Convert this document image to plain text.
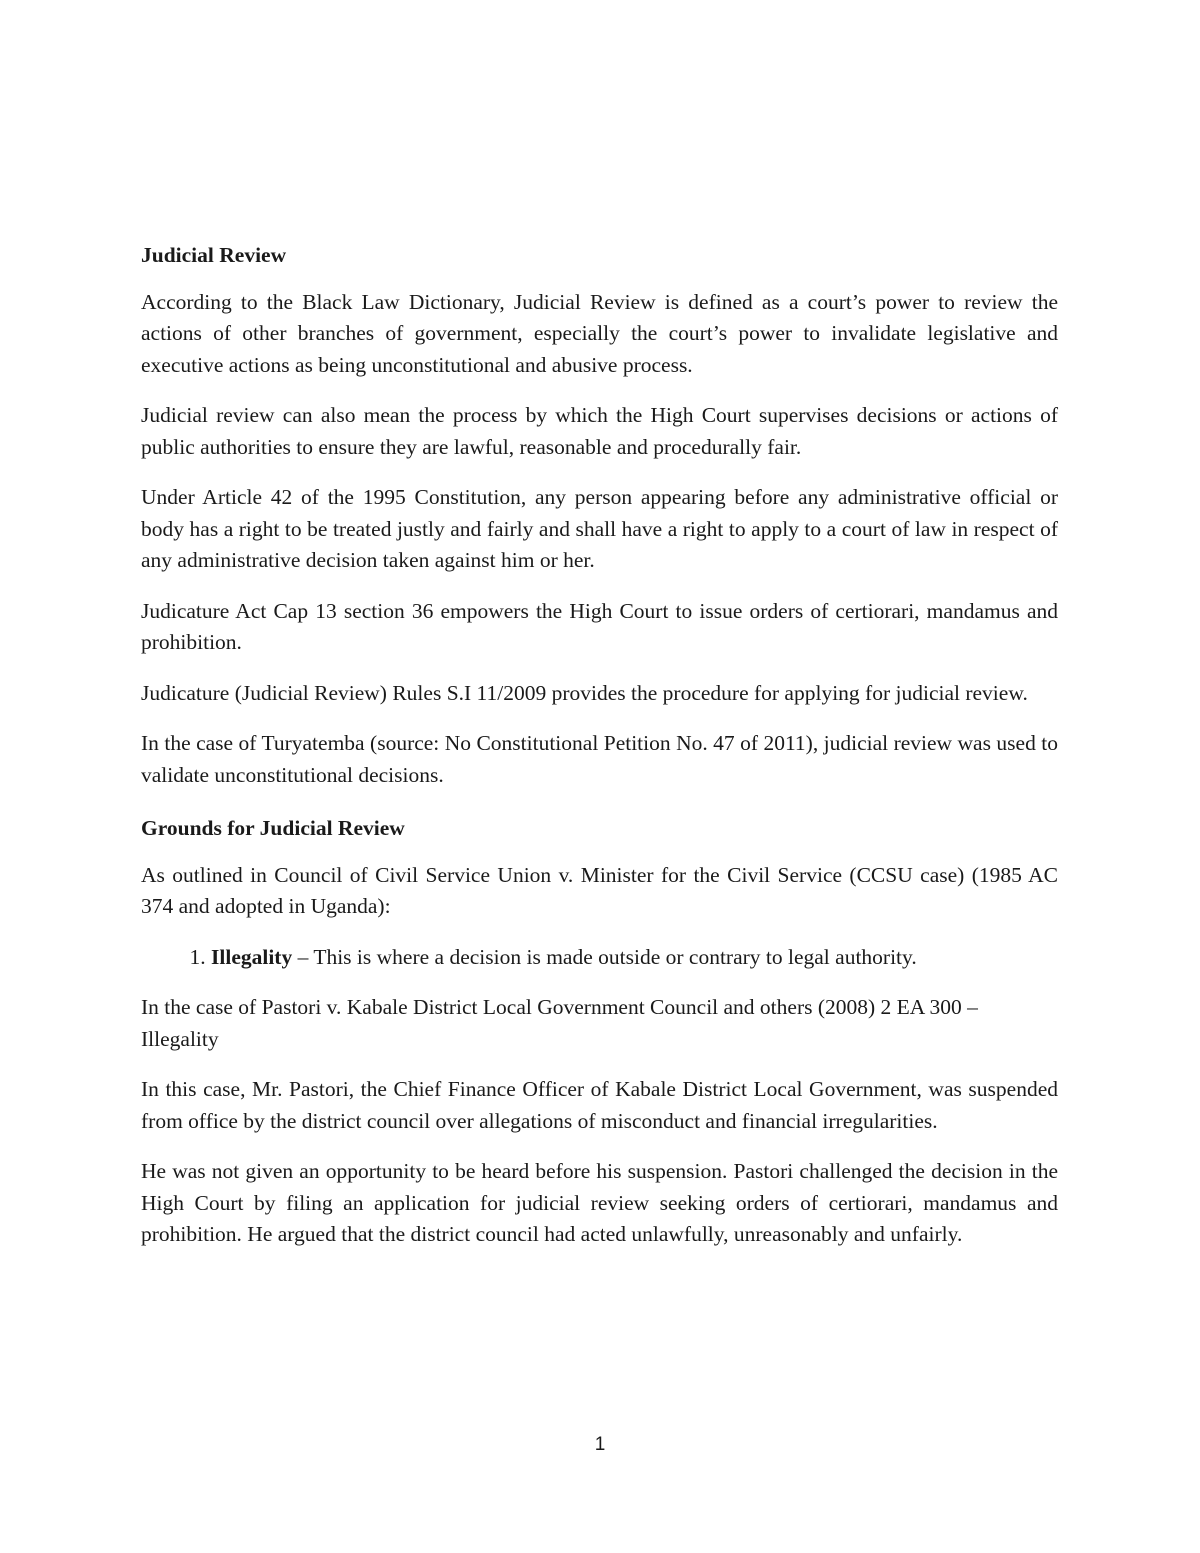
Judicial Review

According to the Black Law Dictionary, Judicial Review is defined as a court’s power to review the actions of other branches of government, especially the court’s power to invalidate legislative and executive actions as being unconstitutional and abusive process.

Judicial review can also mean the process by which the High Court supervises decisions or actions of public authorities to ensure they are lawful, reasonable and procedurally fair.

Under Article 42 of the 1995 Constitution, any person appearing before any administrative official or body has a right to be treated justly and fairly and shall have a right to apply to a court of law in respect of any administrative decision taken against him or her.

Judicature Act Cap 13 section 36 empowers the High Court to issue orders of certiorari, mandamus and prohibition.

Judicature (Judicial Review) Rules S.I 11/2009 provides the procedure for applying for judicial review.

In the case of Turyatemba (source: No Constitutional Petition No. 47 of 2011), judicial review was used to validate unconstitutional decisions.

Grounds for Judicial Review

As outlined in Council of Civil Service Union v. Minister for the Civil Service (CCSU case) (1985 AC 374 and adopted in Uganda):

1. Illegality – This is where a decision is made outside or contrary to legal authority.

In the case of Pastori v. Kabale District Local Government Council and others (2008) 2 EA 300 – Illegality

In this case, Mr. Pastori, the Chief Finance Officer of Kabale District Local Government, was suspended from office by the district council over allegations of misconduct and financial irregularities.

He was not given an opportunity to be heard before his suspension. Pastori challenged the decision in the High Court by filing an application for judicial review seeking orders of certiorari, mandamus and prohibition. He argued that the district council had acted unlawfully, unreasonably and unfairly.

1
